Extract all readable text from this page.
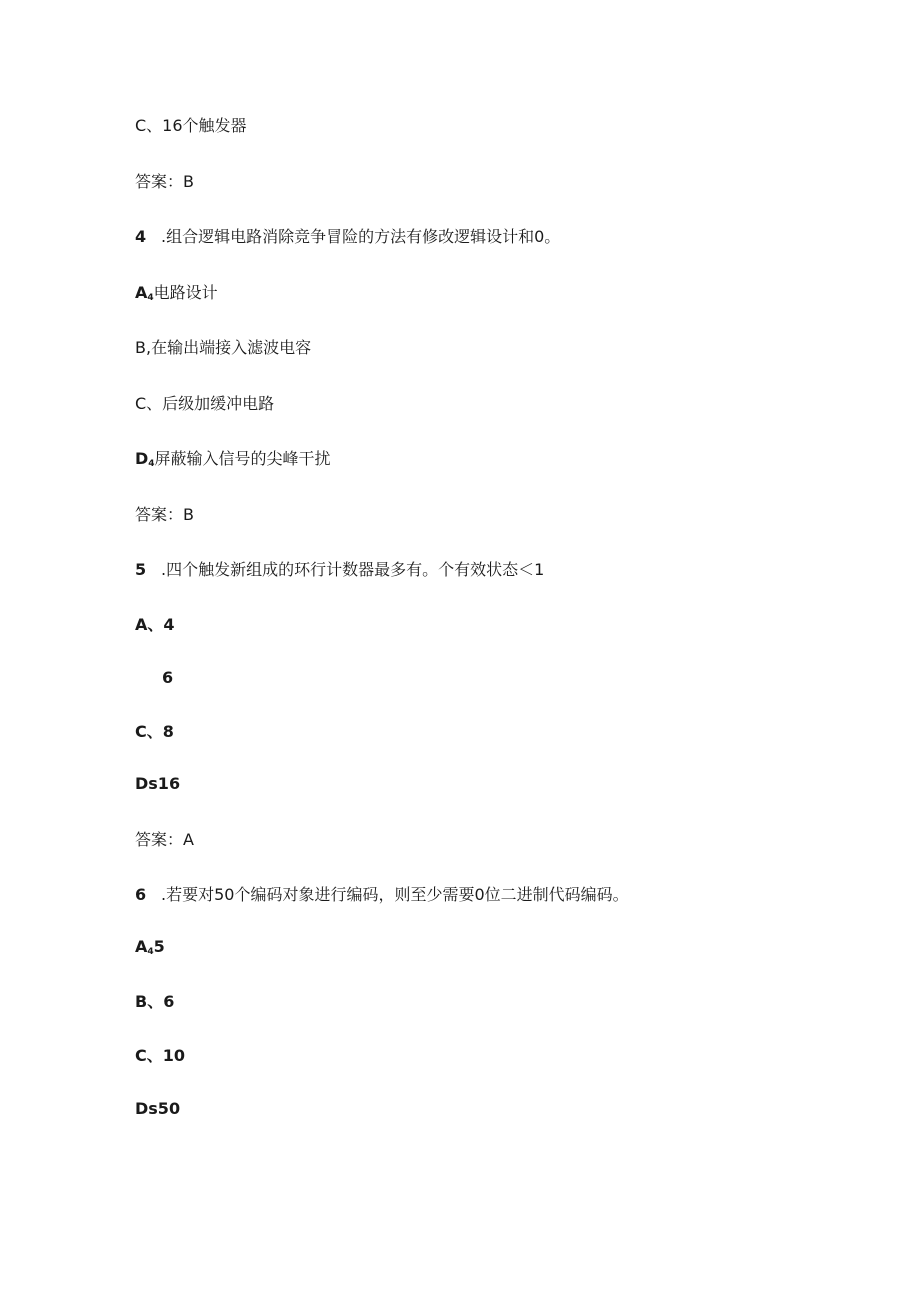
C、16个触发器
答案：B
4 .组合逻辑电路消除竞争冒险的方法有修改逻辑设计和0。
$A_4$电路设计
B,在输出端接入滤波电容
C、后级加缓冲电路
$D_4$屏蔽输入信号的尖峰干扰
答案：B
5 .四个触发新组成的环行计数器最多有。个有效状态＜1
A、4
6
C、8
Ds16
答案：A
6 .若要对50个编码对象进行编码，则至少需要0位二进制代码编码。
$A_45$
B、6
C、10
Ds50
